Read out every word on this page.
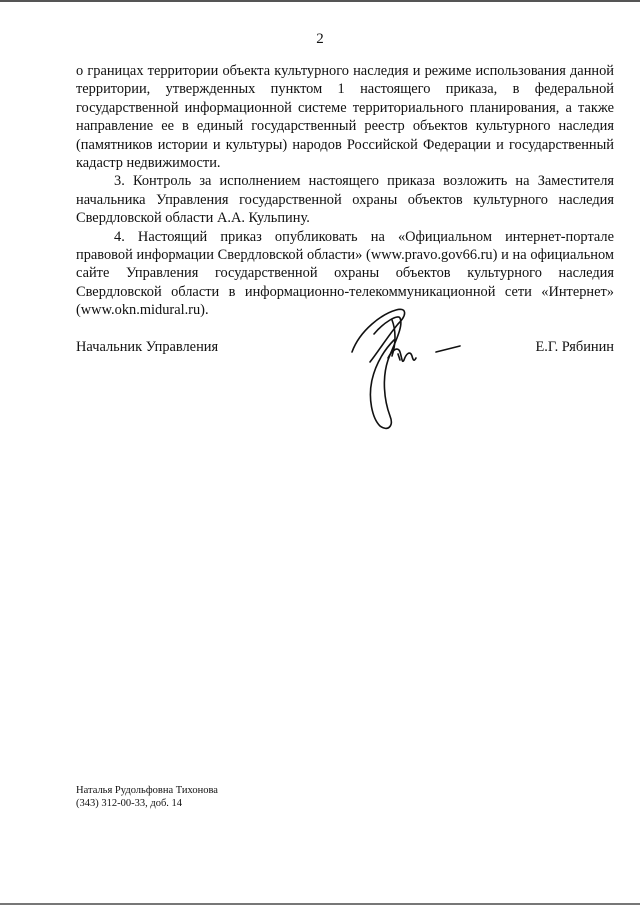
2

о границах территории объекта культурного наследия и режиме использования данной территории, утвержденных пунктом 1 настоящего приказа, в федеральной государственной информационной системе территориального планирования, а также направление ее в единый государственный реестр объектов культурного наследия (памятников истории и культуры) народов Российской Федерации и государственный кадастр недвижимости.

3. Контроль за исполнением настоящего приказа возложить на Заместителя начальника Управления государственной охраны объектов культурного наследия Свердловской области А.А. Кульпину.

4. Настоящий приказ опубликовать на «Официальном интернет-портале правовой информации Свердловской области» (www.pravo.gov66.ru) и на официальном сайте Управления государственной охраны объектов культурного наследия Свердловской области в информационно-телекоммуникационной сети «Интернет» (www.okn.midural.ru).

Начальник Управления	Е.Г. Рябинин
Наталья Рудольфовна Тихонова
(343) 312-00-33, доб. 14
